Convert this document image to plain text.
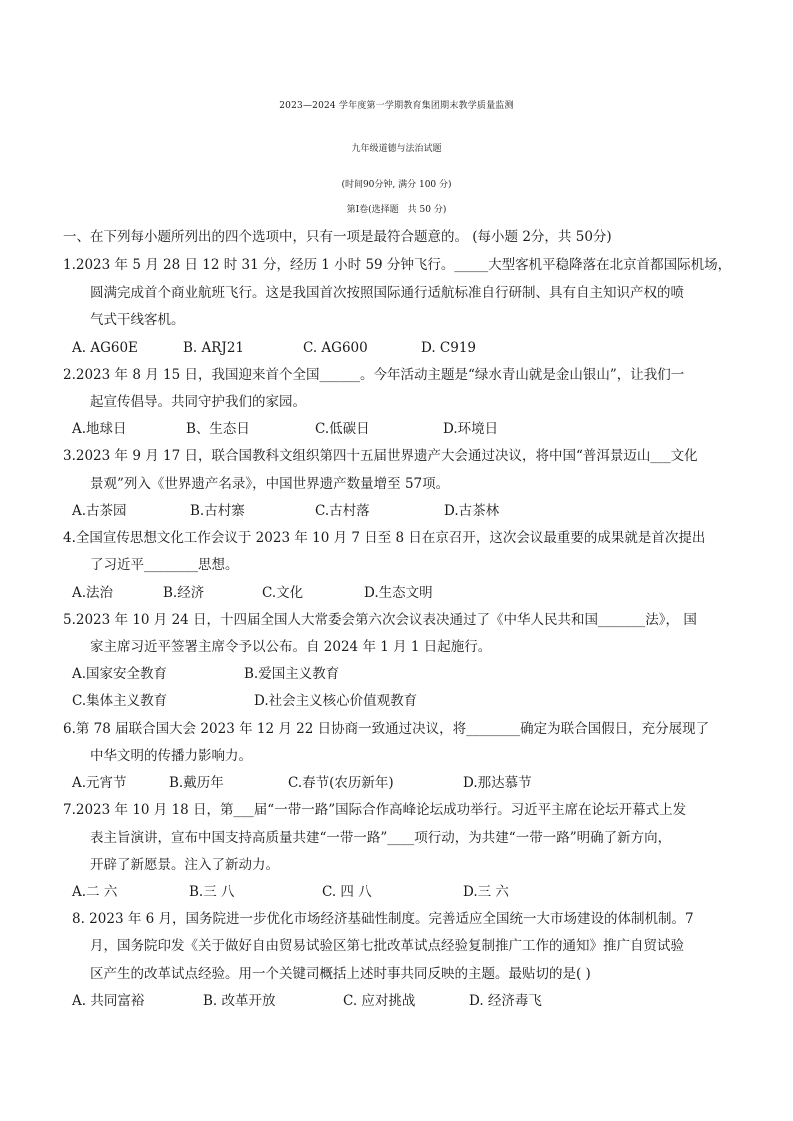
2023—2024 学年度第一学期教育集团期末教学质量监测
九年级道德与法治试题
(时间90分钟, 满分 100 分)
第Ⅰ卷(选择题　共 50 分)
一、在下列每小题所列出的四个选项中，只有一项是最符合题意的。 (每小题 2分，共 50分)
1.2023 年 5 月 28 日 12 时 31 分，经历 1 小时 59 分钟飞行。_____大型客机平稳降落在北京首都国际机场，
圆满完成首个商业航班飞行。这是我国首次按照国际通行适航标准自行研制、具有自主知识产权的喷
气式干线客机。
A. AG60E	B. ARJ21	C. AG600	D. C919
2.2023 年 8 月 15 日，我国迎来首个全国______。今年活动主题是“绿水青山就是金山银山”，让我们一
起宣传倡导。共同守护我们的家园。
A.地球日	B、生态日	C.低碳日	D.环境日
3.2023 年 9 月 17 日，联合国教科文组织第四十五届世界遗产大会通过决议，将中国“普洱景迈山___文化
景观”列入《世界遗产名录》，中国世界遗产数量增至 57项。
A.古茶园	B.古村寨	C.古村落	D.古茶林
4.全国宣传思想文化工作会议于 2023 年 10 月 7 日至 8 日在京召开，这次会议最重要的成果就是首次提出
了习近平________思想。
A.法治	B.经济	C.文化	D.生态文明
5.2023 年 10 月 24 日，十四届全国人大常委会第六次会议表决通过了《中华人民共和国_______法》， 国
家主席习近平签署主席令予以公布。自 2024 年 1 月 1 日起施行。
A.国家安全教育	B.爱国主义教育
C.集体主义教育	D.社会主义核心价值观教育
6.第 78 届联合国大会 2023 年 12 月 22 日协商一致通过决议，将________确定为联合国假日，充分展现了
中华文明的传播力影响力。
A.元宵节	B.戴历年	C.春节(农历新年)	D.那达慕节
7.2023 年 10 月 18 日，第___届“一带一路”国际合作高峰论坛成功举行。习近平主席在论坛开幕式上发
表主旨演讲，宣布中国支持高质量共建“一带一路”____项行动，为共建“一带一路”明确了新方向，
开辟了新愿景。注入了新动力。
A.二 六	B.三 八	C. 四 八	D.三 六
8. 2023 年 6 月，国务院进一步优化市场经济基础性制度。完善适应全国统一大市场建设的体制机制。7
月，国务院印发《关于做好自由贸易试验区第七批改革试点经验复制推广工作的通知》推广自贸试验
区产生的改革试点经验。用一个关键司概括上述时事共同反映的主题。最贴切的是( )
A. 共同富裕	B. 改革开放	C. 应对挑战	D. 经济毒飞
